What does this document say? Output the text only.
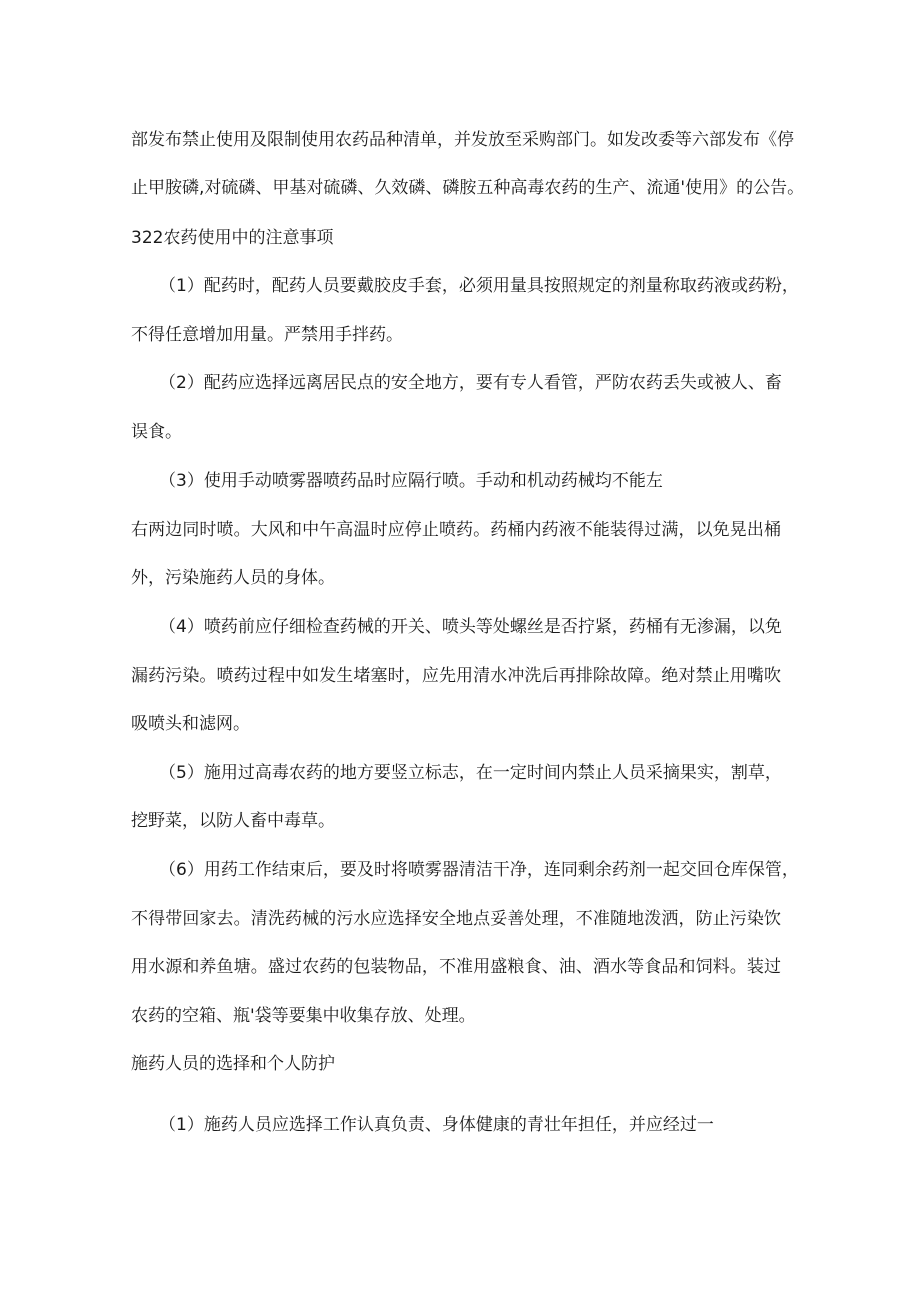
部发布禁止使用及限制使用农药品种清单，并发放至采购部门。如发改委等六部发布《停
止甲胺磷,对硫磷、甲基对硫磷、久效磷、磷胺五种高毒农药的生产、流通'使用》的公告。
322农药使用中的注意事项
（1）配药时，配药人员要戴胶皮手套，必须用量具按照规定的剂量称取药液或药粉，
不得任意增加用量。严禁用手拌药。
（2）配药应选择远离居民点的安全地方，要有专人看管，严防农药丢失或被人、畜
误食。
（3）使用手动喷雾器喷药品时应隔行喷。手动和机动药械均不能左
右两边同时喷。大风和中午高温时应停止喷药。药桶内药液不能装得过满，以免晃出桶
外，污染施药人员的身体。
（4）喷药前应仔细检查药械的开关、喷头等处螺丝是否拧紧，药桶有无渗漏，以免
漏药污染。喷药过程中如发生堵塞时，应先用清水冲洗后再排除故障。绝对禁止用嘴吹
吸喷头和滤网。
（5）施用过高毒农药的地方要竖立标志，在一定时间内禁止人员采摘果实，割草，
挖野菜，以防人畜中毒草。
（6）用药工作结束后，要及时将喷雾器清洁干净，连同剩余药剂一起交回仓库保管，
不得带回家去。清洗药械的污水应选择安全地点妥善处理，不准随地泼洒，防止污染饮
用水源和养鱼塘。盛过农药的包装物品，不准用盛粮食、油、酒水等食品和饲料。装过
农药的空箱、瓶'袋等要集中收集存放、处理。
施药人员的选择和个人防护
（1）施药人员应选择工作认真负责、身体健康的青壮年担任，并应经过一
